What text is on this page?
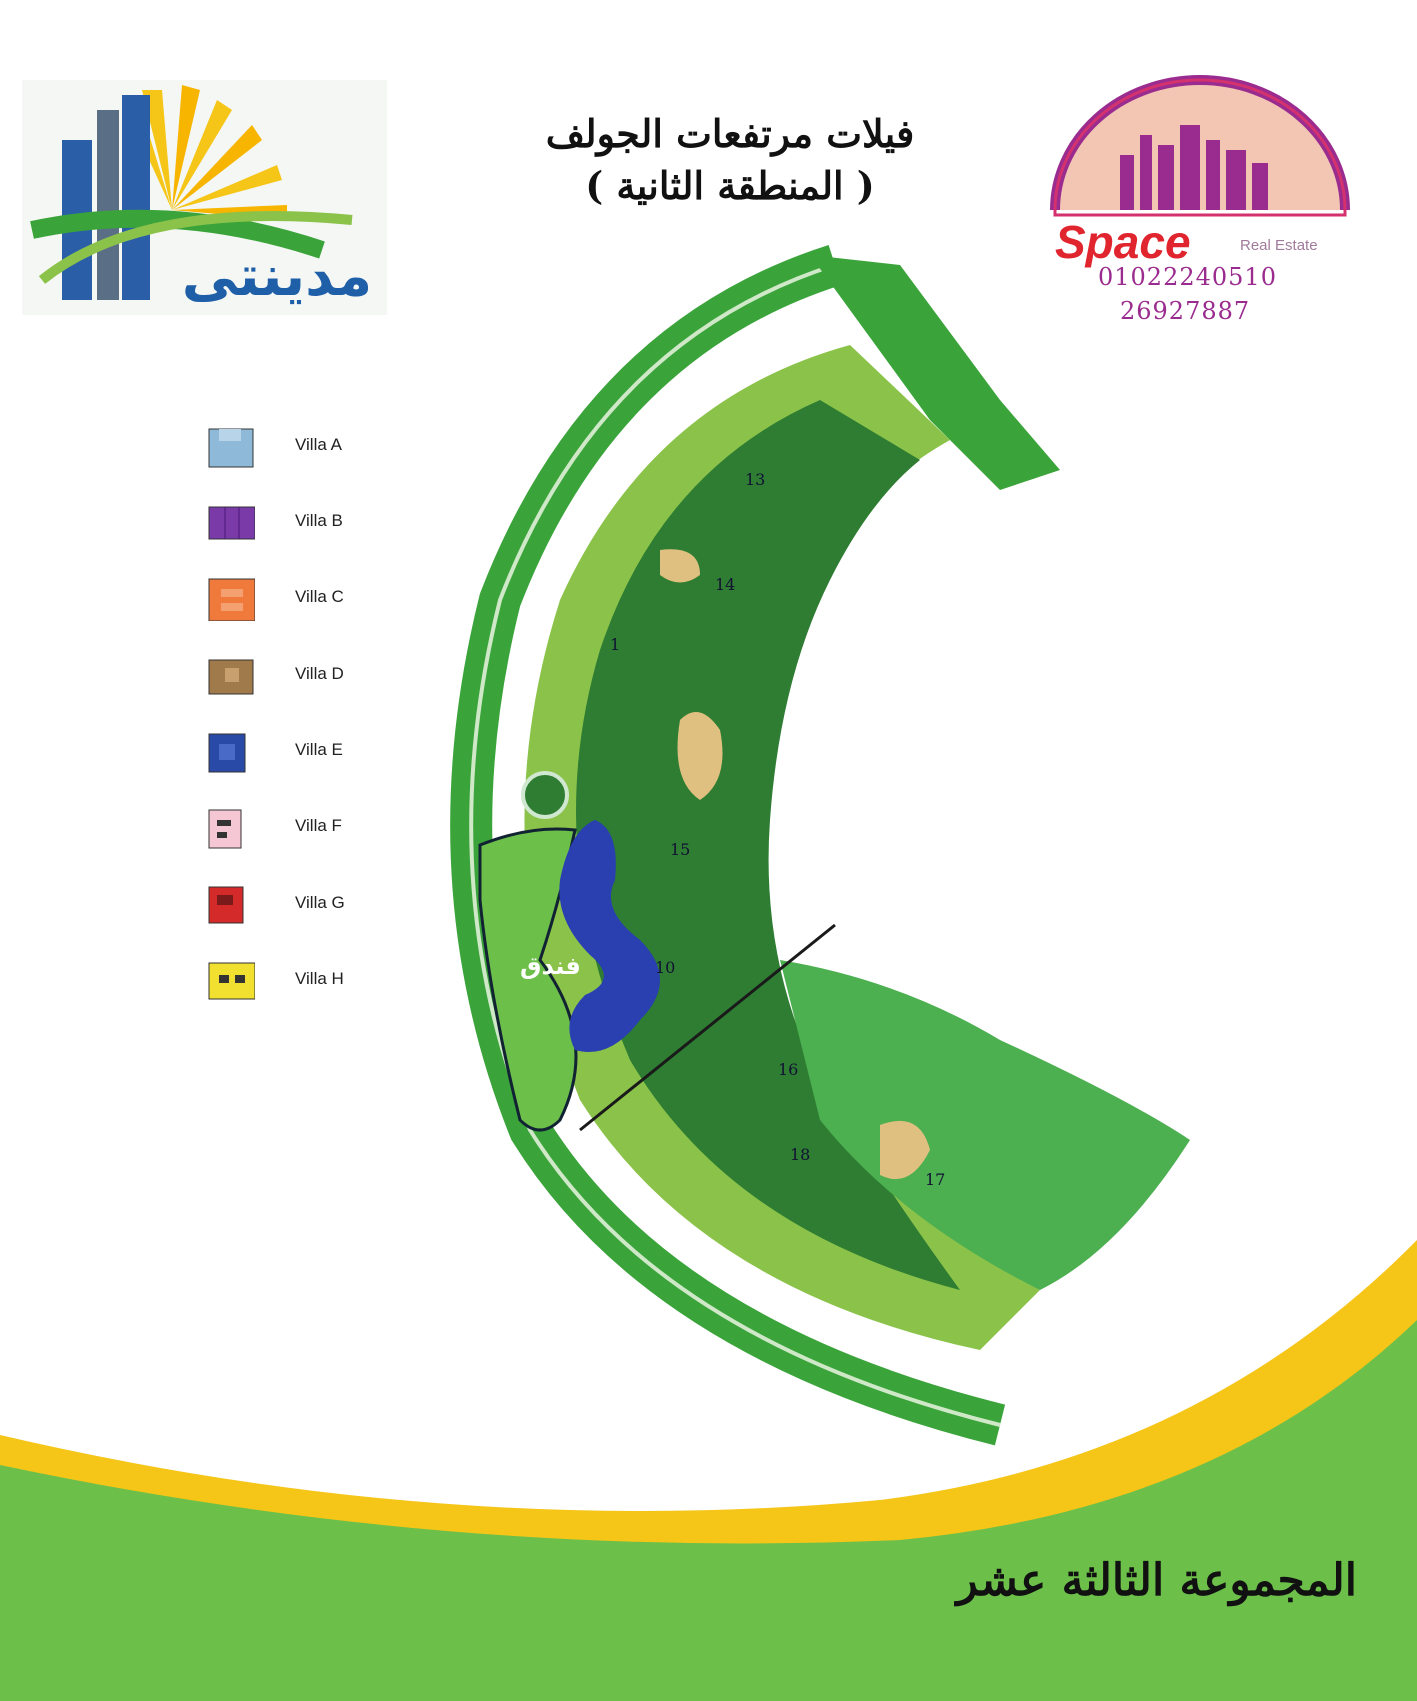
مدينتى
فيلات مرتفعات الجولف
( المنطقة الثانية )
Space	Real Estate
01022240510
26927887
Villa A
Villa B
Villa C
Villa D
Villa E
Villa F
Villa G
Villa H
13
14
1
15
10
16
18
17
فندق
المجموعة الثالثة عشر
